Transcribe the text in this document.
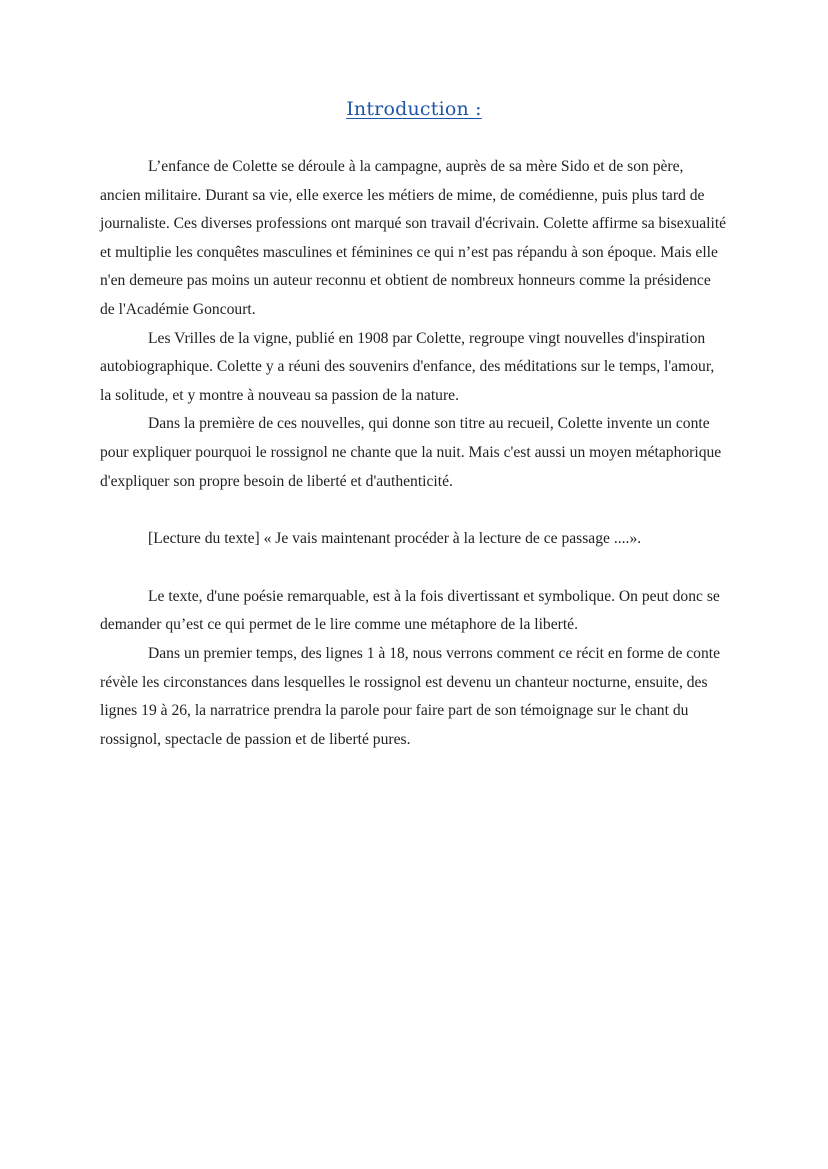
Introduction :

L’enfance de Colette se déroule à la campagne, auprès de sa mère Sido et de son père, ancien militaire. Durant sa vie, elle exerce les métiers de mime, de comédienne, puis plus tard de journaliste. Ces diverses professions ont marqué son travail d'écrivain. Colette affirme sa bisexualité et multiplie les conquêtes masculines et féminines ce qui n’est pas répandu à son époque. Mais elle n'en demeure pas moins un auteur reconnu et obtient de nombreux honneurs comme la présidence de l'Académie Goncourt.

Les Vrilles de la vigne, publié en 1908 par Colette, regroupe vingt nouvelles d'inspiration autobiographique. Colette y a réuni des souvenirs d'enfance, des méditations sur le temps, l'amour, la solitude, et y montre à nouveau sa passion de la nature.

Dans la première de ces nouvelles, qui donne son titre au recueil, Colette invente un conte pour expliquer pourquoi le rossignol ne chante que la nuit. Mais c'est aussi un moyen métaphorique d'expliquer son propre besoin de liberté et d'authenticité.

[Lecture du texte] « Je vais maintenant procéder à la lecture de ce passage ....».

Le texte, d'une poésie remarquable, est à la fois divertissant et symbolique. On peut donc se demander qu’est ce qui permet de le lire comme une métaphore de la liberté.

Dans un premier temps, des lignes 1 à 18, nous verrons comment ce récit en forme de conte révèle les circonstances dans lesquelles le rossignol est devenu un chanteur nocturne, ensuite, des lignes 19 à 26, la narratrice prendra la parole pour faire part de son témoignage sur le chant du rossignol, spectacle de passion et de liberté pures.
